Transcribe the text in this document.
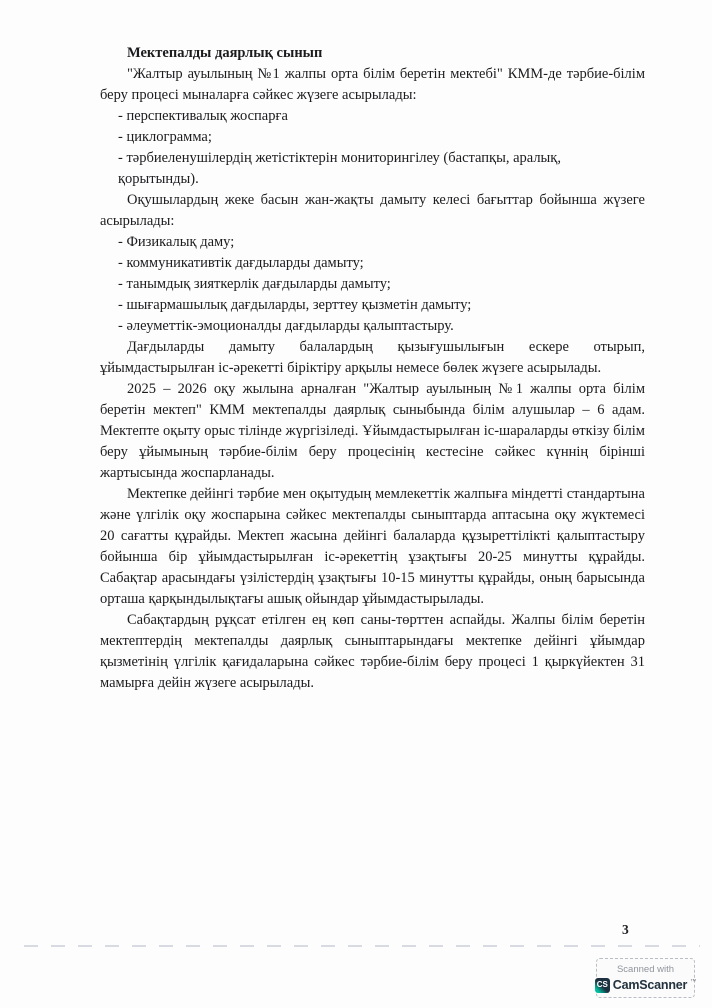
Мектепалды даярлық сынып
"Жалтыр ауылының №1 жалпы орта білім беретін мектебі" КММ-де тәрбие-білім беру процесі мыналарға сәйкес жүзеге асырылады:
- перспективалық жоспарға
- циклограмма;
- тәрбиеленушілердің жетістіктерін мониторингілеу (бастапқы, аралық, қорытынды).
Оқушылардың жеке басын жан-жақты дамыту келесі бағыттар бойынша жүзеге асырылады:
- Физикалық даму;
- коммуникативтік дағдыларды дамыту;
- танымдық зияткерлік дағдыларды дамыту;
- шығармашылық дағдыларды, зерттеу қызметін дамыту;
- әлеуметтік-эмоционалды дағдыларды қалыптастыру.
Дағдыларды дамыту балалардың қызығушылығын ескере отырып, ұйымдастырылған іс-әрекетті біріктіру арқылы немесе бөлек жүзеге асырылады.
2025 – 2026 оқу жылына арналған "Жалтыр ауылының №1 жалпы орта білім беретін мектеп" КММ мектепалды даярлық сыныбында білім алушылар – 6 адам. Мектепте оқыту орыс тілінде жүргізіледі. Ұйымдастырылған іс-шараларды өткізу білім беру ұйымының тәрбие-білім беру процесінің кестесіне сәйкес күннің бірінші жартысында жоспарланады.
Мектепке дейінгі тәрбие мен оқытудың мемлекеттік жалпыға міндетті стандартына және үлгілік оқу жоспарына сәйкес мектепалды сыныптарда аптасына оқу жүктемесі 20 сағатты құрайды. Мектеп жасына дейінгі балаларда құзыреттілікті қалыптастыру бойынша бір ұйымдастырылған іс-әрекеттің ұзақтығы 20-25 минутты құрайды. Сабақтар арасындағы үзілістердің ұзақтығы 10-15 минутты құрайды, оның барысында орташа қарқындылықтағы ашық ойындар ұйымдастырылады.
Сабақтардың рұқсат етілген ең көп саны-төрттен аспайды. Жалпы білім беретін мектептердің мектепалды даярлық сыныптарындағы мектепке дейінгі ұйымдар қызметінің үлгілік қағидаларына сәйкес тәрбие-білім беру процесі 1 қыркүйектен 31 мамырға дейін жүзеге асырылады.
3
Scanned with
CS CamScanner ™
